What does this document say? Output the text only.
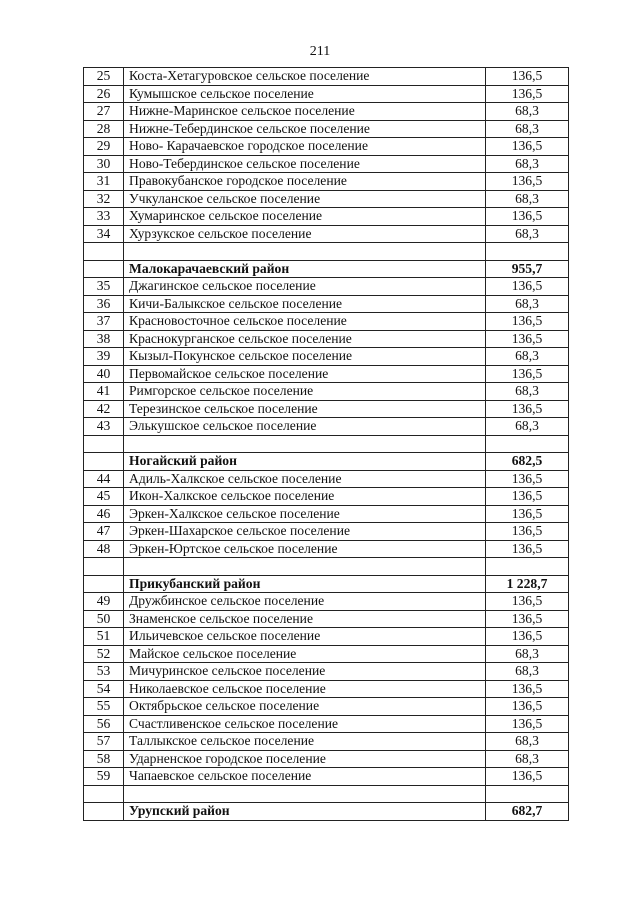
211
25	Коста-Хетагуровское сельское поселение	136,5
26	Кумышское сельское поселение	136,5
27	Нижне-Маринское сельское поселение	68,3
28	Нижне-Тебердинское сельское поселение	68,3
29	Ново- Карачаевское городское поселение	136,5
30	Ново-Тебердинское сельское поселение	68,3
31	Правокубанское городское поселение	136,5
32	Учкуланское сельское поселение	68,3
33	Хумаринское сельское поселение	136,5
34	Хурзукское сельское поселение	68,3

	Малокарачаевский район	955,7
35	Джагинское сельское поселение	136,5
36	Кичи-Балыкское сельское поселение	68,3
37	Красновосточное сельское поселение	136,5
38	Краснокурганское сельское поселение	136,5
39	Кызыл-Покунское сельское поселение	68,3
40	Первомайское сельское поселение	136,5
41	Римгорское сельское поселение	68,3
42	Терезинское сельское поселение	136,5
43	Элькушское сельское поселение	68,3

	Ногайский район	682,5
44	Адиль-Халкское сельское поселение	136,5
45	Икон-Халкское сельское поселение	136,5
46	Эркен-Халкское сельское поселение	136,5
47	Эркен-Шахарское сельское поселение	136,5
48	Эркен-Юртское сельское поселение	136,5

	Прикубанский район	1 228,7
49	Дружбинское сельское поселение	136,5
50	Знаменское сельское поселение	136,5
51	Ильичевское сельское поселение	136,5
52	Майское сельское поселение	68,3
53	Мичуринское сельское поселение	68,3
54	Николаевское сельское поселение	136,5
55	Октябрьское сельское поселение	136,5
56	Счастливенское сельское поселение	136,5
57	Таллыкское сельское поселение	68,3
58	Ударненское городское поселение	68,3
59	Чапаевское сельское поселение	136,5

	Урупский район	682,7
